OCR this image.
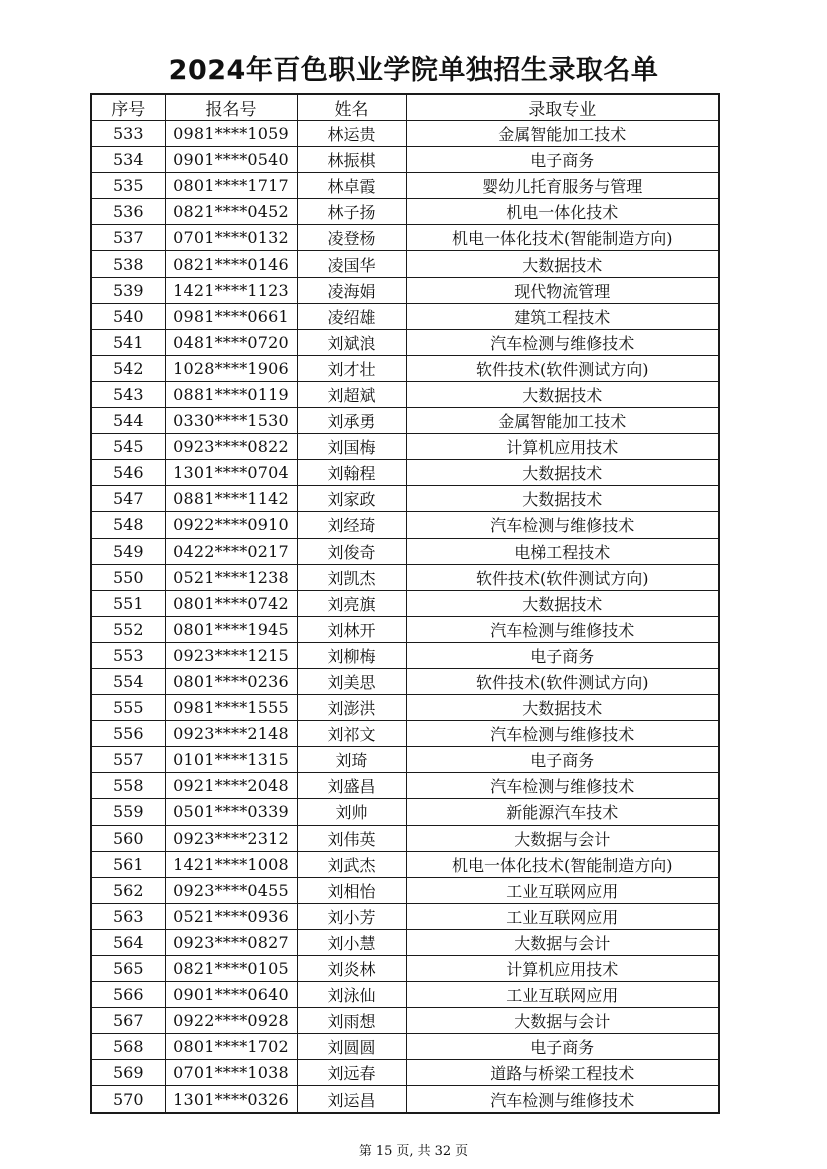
2024年百色职业学院单独招生录取名单
序号	报名号	姓名	录取专业
533	0981****1059	林运贵	金属智能加工技术
534	0901****0540	林振棋	电子商务
535	0801****1717	林卓霞	婴幼儿托育服务与管理
536	0821****0452	林子扬	机电一体化技术
537	0701****0132	凌登杨	机电一体化技术(智能制造方向)
538	0821****0146	凌国华	大数据技术
539	1421****1123	凌海娟	现代物流管理
540	0981****0661	凌绍雄	建筑工程技术
541	0481****0720	刘斌浪	汽车检测与维修技术
542	1028****1906	刘才壮	软件技术(软件测试方向)
543	0881****0119	刘超斌	大数据技术
544	0330****1530	刘承勇	金属智能加工技术
545	0923****0822	刘国梅	计算机应用技术
546	1301****0704	刘翰程	大数据技术
547	0881****1142	刘家政	大数据技术
548	0922****0910	刘经琦	汽车检测与维修技术
549	0422****0217	刘俊奇	电梯工程技术
550	0521****1238	刘凯杰	软件技术(软件测试方向)
551	0801****0742	刘亮旗	大数据技术
552	0801****1945	刘林开	汽车检测与维修技术
553	0923****1215	刘柳梅	电子商务
554	0801****0236	刘美思	软件技术(软件测试方向)
555	0981****1555	刘澎洪	大数据技术
556	0923****2148	刘祁文	汽车检测与维修技术
557	0101****1315	刘琦	电子商务
558	0921****2048	刘盛昌	汽车检测与维修技术
559	0501****0339	刘帅	新能源汽车技术
560	0923****2312	刘伟英	大数据与会计
561	1421****1008	刘武杰	机电一体化技术(智能制造方向)
562	0923****0455	刘相怡	工业互联网应用
563	0521****0936	刘小芳	工业互联网应用
564	0923****0827	刘小慧	大数据与会计
565	0821****0105	刘炎林	计算机应用技术
566	0901****0640	刘泳仙	工业互联网应用
567	0922****0928	刘雨想	大数据与会计
568	0801****1702	刘圆圆	电子商务
569	0701****1038	刘远春	道路与桥梁工程技术
570	1301****0326	刘运昌	汽车检测与维修技术
第 15 页, 共 32 页
